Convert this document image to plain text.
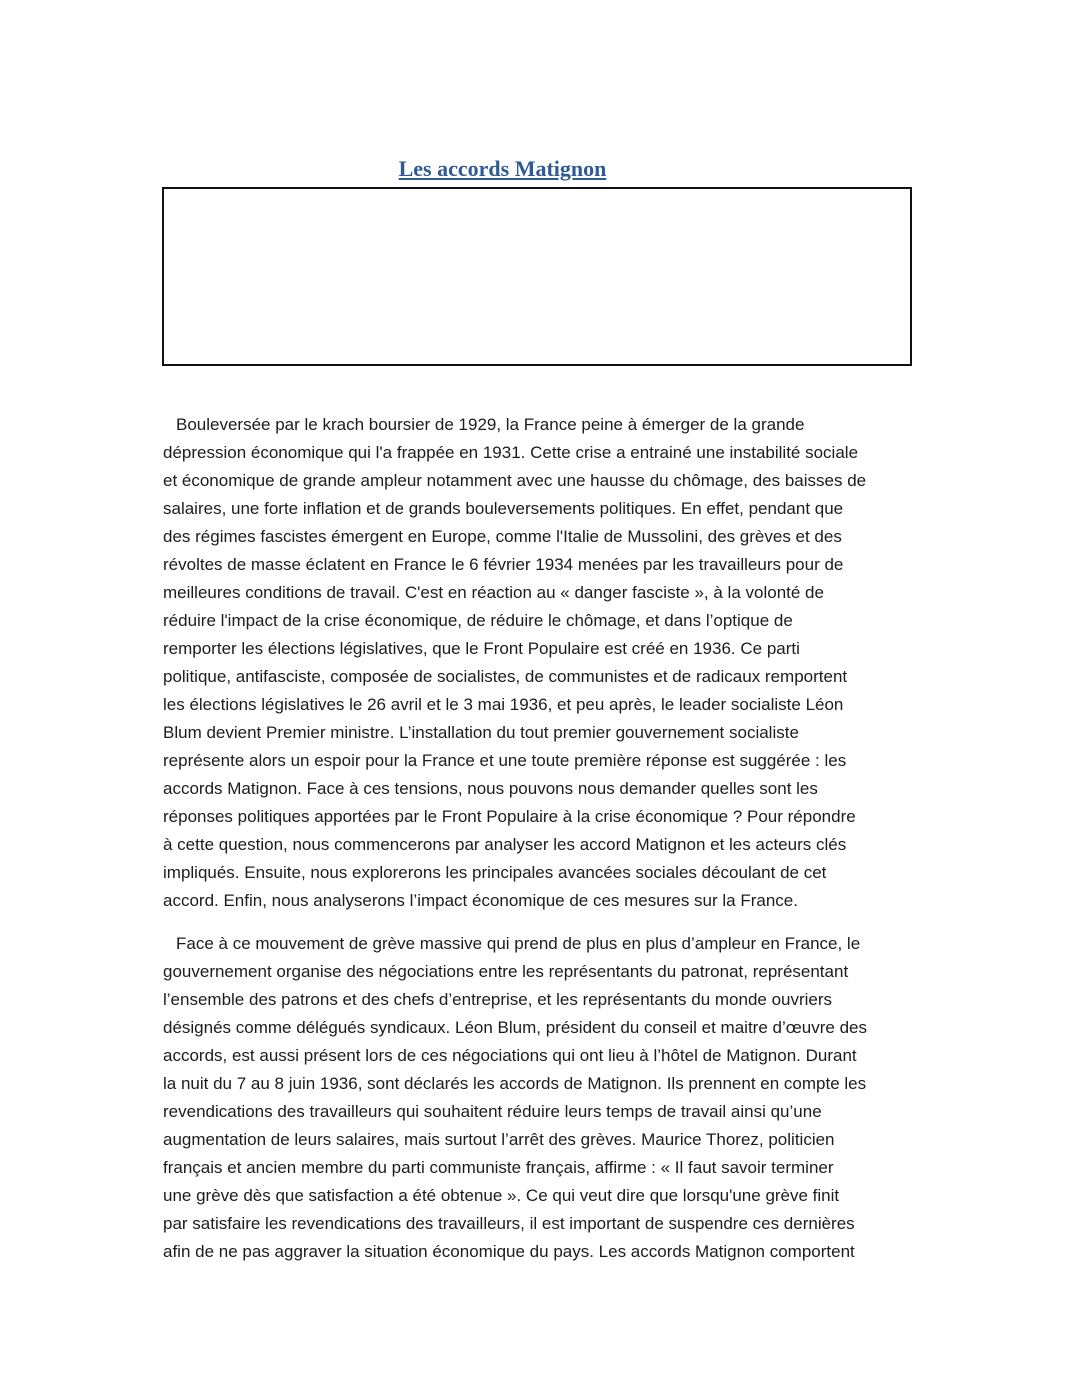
Les accords Matignon

Bouleversée par le krach boursier de 1929, la France peine à émerger de la grande
dépression économique qui l'a frappée en 1931. Cette crise a entrainé une instabilité sociale
et économique de grande ampleur notamment avec une hausse du chômage, des baisses de
salaires, une forte inflation et de grands bouleversements politiques. En effet, pendant que
des régimes fascistes émergent en Europe, comme l'Italie de Mussolini, des grèves et des
révoltes de masse éclatent en France le 6 février 1934 menées par les travailleurs pour de
meilleures conditions de travail. C'est en réaction au « danger fasciste », à la volonté de
réduire l'impact de la crise économique, de réduire le chômage, et dans l’optique de
remporter les élections législatives, que le Front Populaire est créé en 1936. Ce parti
politique, antifasciste, composée de socialistes, de communistes et de radicaux remportent
les élections législatives le 26 avril et le 3 mai 1936, et peu après, le leader socialiste Léon
Blum devient Premier ministre. L’installation du tout premier gouvernement socialiste
représente alors un espoir pour la France et une toute première réponse est suggérée : les
accords Matignon. Face à ces tensions, nous pouvons nous demander quelles sont les
réponses politiques apportées par le Front Populaire à la crise économique ? Pour répondre
à cette question, nous commencerons par analyser les accord Matignon et les acteurs clés
impliqués. Ensuite, nous explorerons les principales avancées sociales découlant de cet
accord. Enfin, nous analyserons l’impact économique de ces mesures sur la France.

Face à ce mouvement de grève massive qui prend de plus en plus d’ampleur en France, le
gouvernement organise des négociations entre les représentants du patronat, représentant
l’ensemble des patrons et des chefs d’entreprise, et les représentants du monde ouvriers
désignés comme délégués syndicaux. Léon Blum, président du conseil et maitre d’œuvre des
accords, est aussi présent lors de ces négociations qui ont lieu à l’hôtel de Matignon. Durant
la nuit du 7 au 8 juin 1936, sont déclarés les accords de Matignon. Ils prennent en compte les
revendications des travailleurs qui souhaitent réduire leurs temps de travail ainsi qu’une
augmentation de leurs salaires, mais surtout l’arrêt des grèves. Maurice Thorez, politicien
français et ancien membre du parti communiste français, affirme : « Il faut savoir terminer
une grève dès que satisfaction a été obtenue ». Ce qui veut dire que lorsqu'une grève finit
par satisfaire les revendications des travailleurs, il est important de suspendre ces dernières
afin de ne pas aggraver la situation économique du pays. Les accords Matignon comportent
